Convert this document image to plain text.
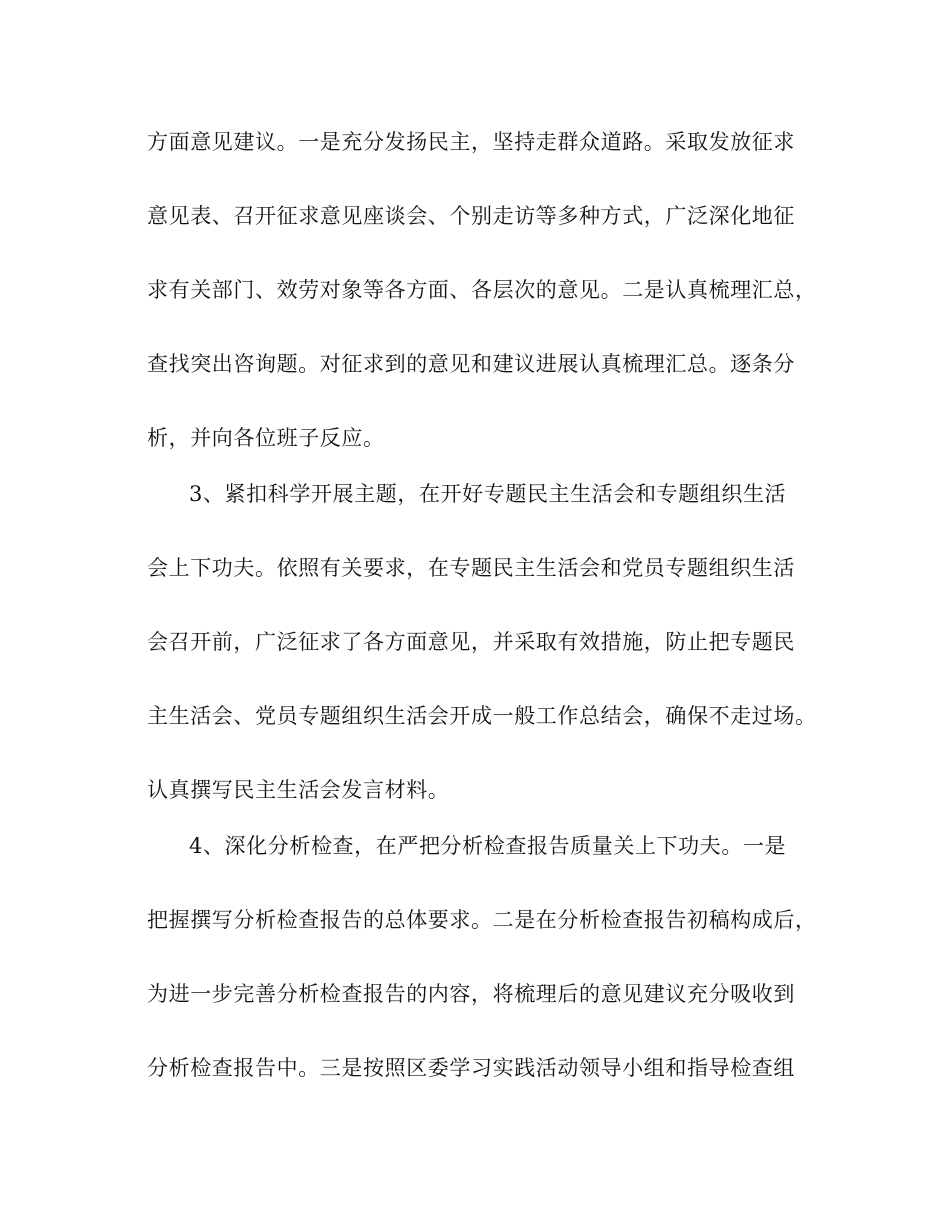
方面意见建议。一是充分发扬民主，坚持走群众道路。采取发放征求
意见表、召开征求意见座谈会、个别走访等多种方式，广泛深化地征
求有关部门、效劳对象等各方面、各层次的意见。二是认真梳理汇总，
查找突出咨询题。对征求到的意见和建议进展认真梳理汇总。逐条分
析，并向各位班子反应。
3、紧扣科学开展主题，在开好专题民主生活会和专题组织生活
会上下功夫。依照有关要求，在专题民主生活会和党员专题组织生活
会召开前，广泛征求了各方面意见，并采取有效措施，防止把专题民
主生活会、党员专题组织生活会开成一般工作总结会，确保不走过场。
认真撰写民主生活会发言材料。
4、深化分析检查，在严把分析检查报告质量关上下功夫。一是
把握撰写分析检查报告的总体要求。二是在分析检查报告初稿构成后，
为进一步完善分析检查报告的内容，将梳理后的意见建议充分吸收到
分析检查报告中。三是按照区委学习实践活动领导小组和指导检查组
